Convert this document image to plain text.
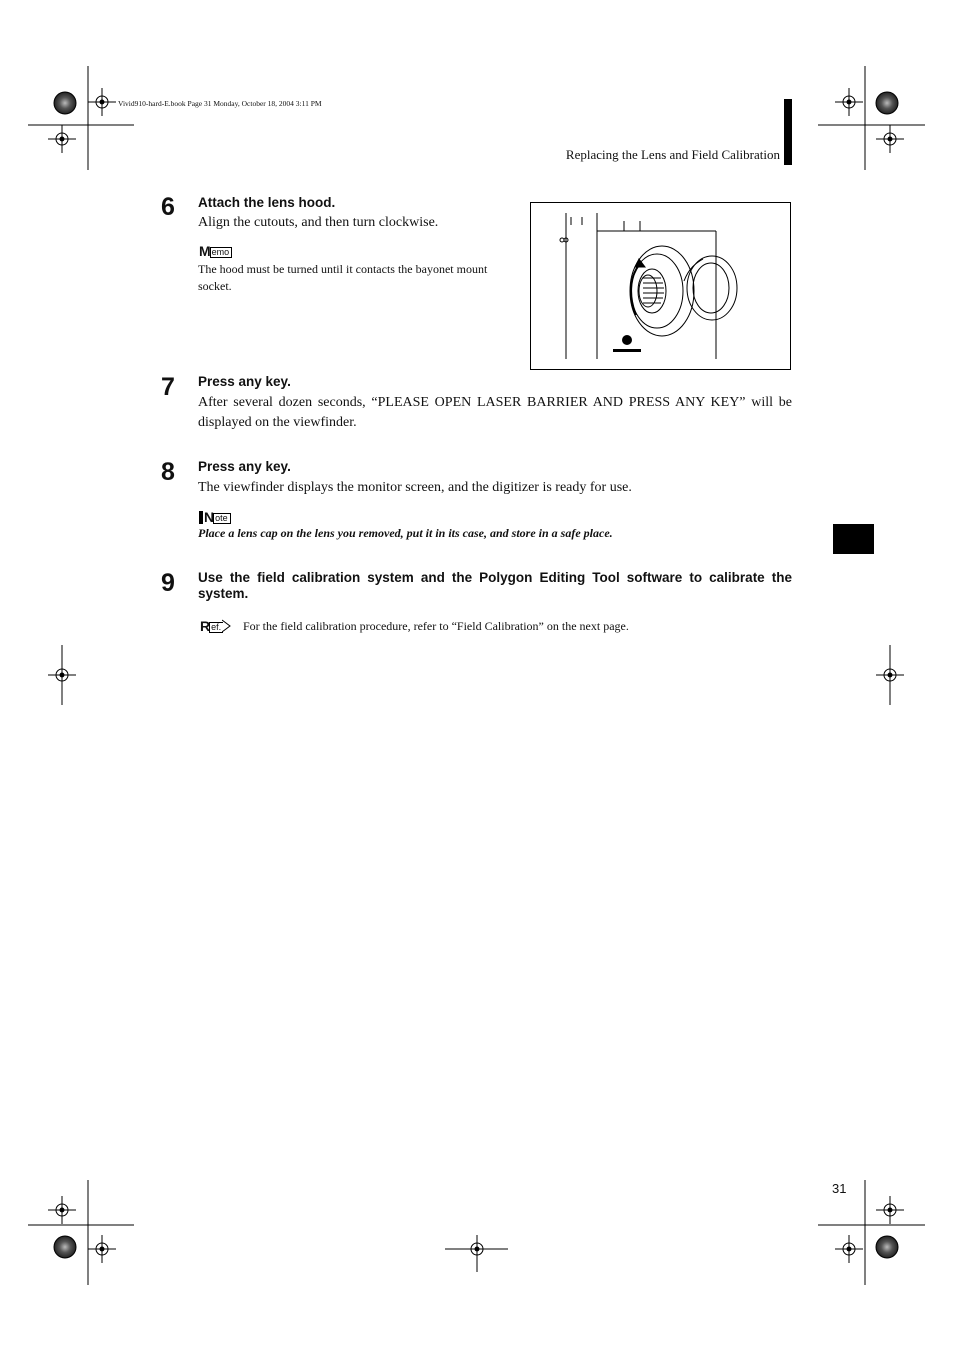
Vivid910-hard-E.book Page 31 Monday, October 18, 2004 3:11 PM
Replacing the Lens and Field Calibration
6 Attach the lens hood.
Align the cutouts, and then turn clockwise.
M emo
The hood must be turned until it contacts the bayonet mount socket.
7 Press any key.
After several dozen seconds, “PLEASE OPEN LASER BARRIER AND PRESS ANY KEY” will be displayed on the viewfinder.
8 Press any key.
The viewfinder displays the monitor screen, and the digitizer is ready for use.
N ote
Place a lens cap on the lens you removed, put it in its case, and store in a safe place.
9 Use the field calibration system and the Polygon Editing Tool software to calibrate the system.
R ef. For the field calibration procedure, refer to “Field Calibration” on the next page.
31
